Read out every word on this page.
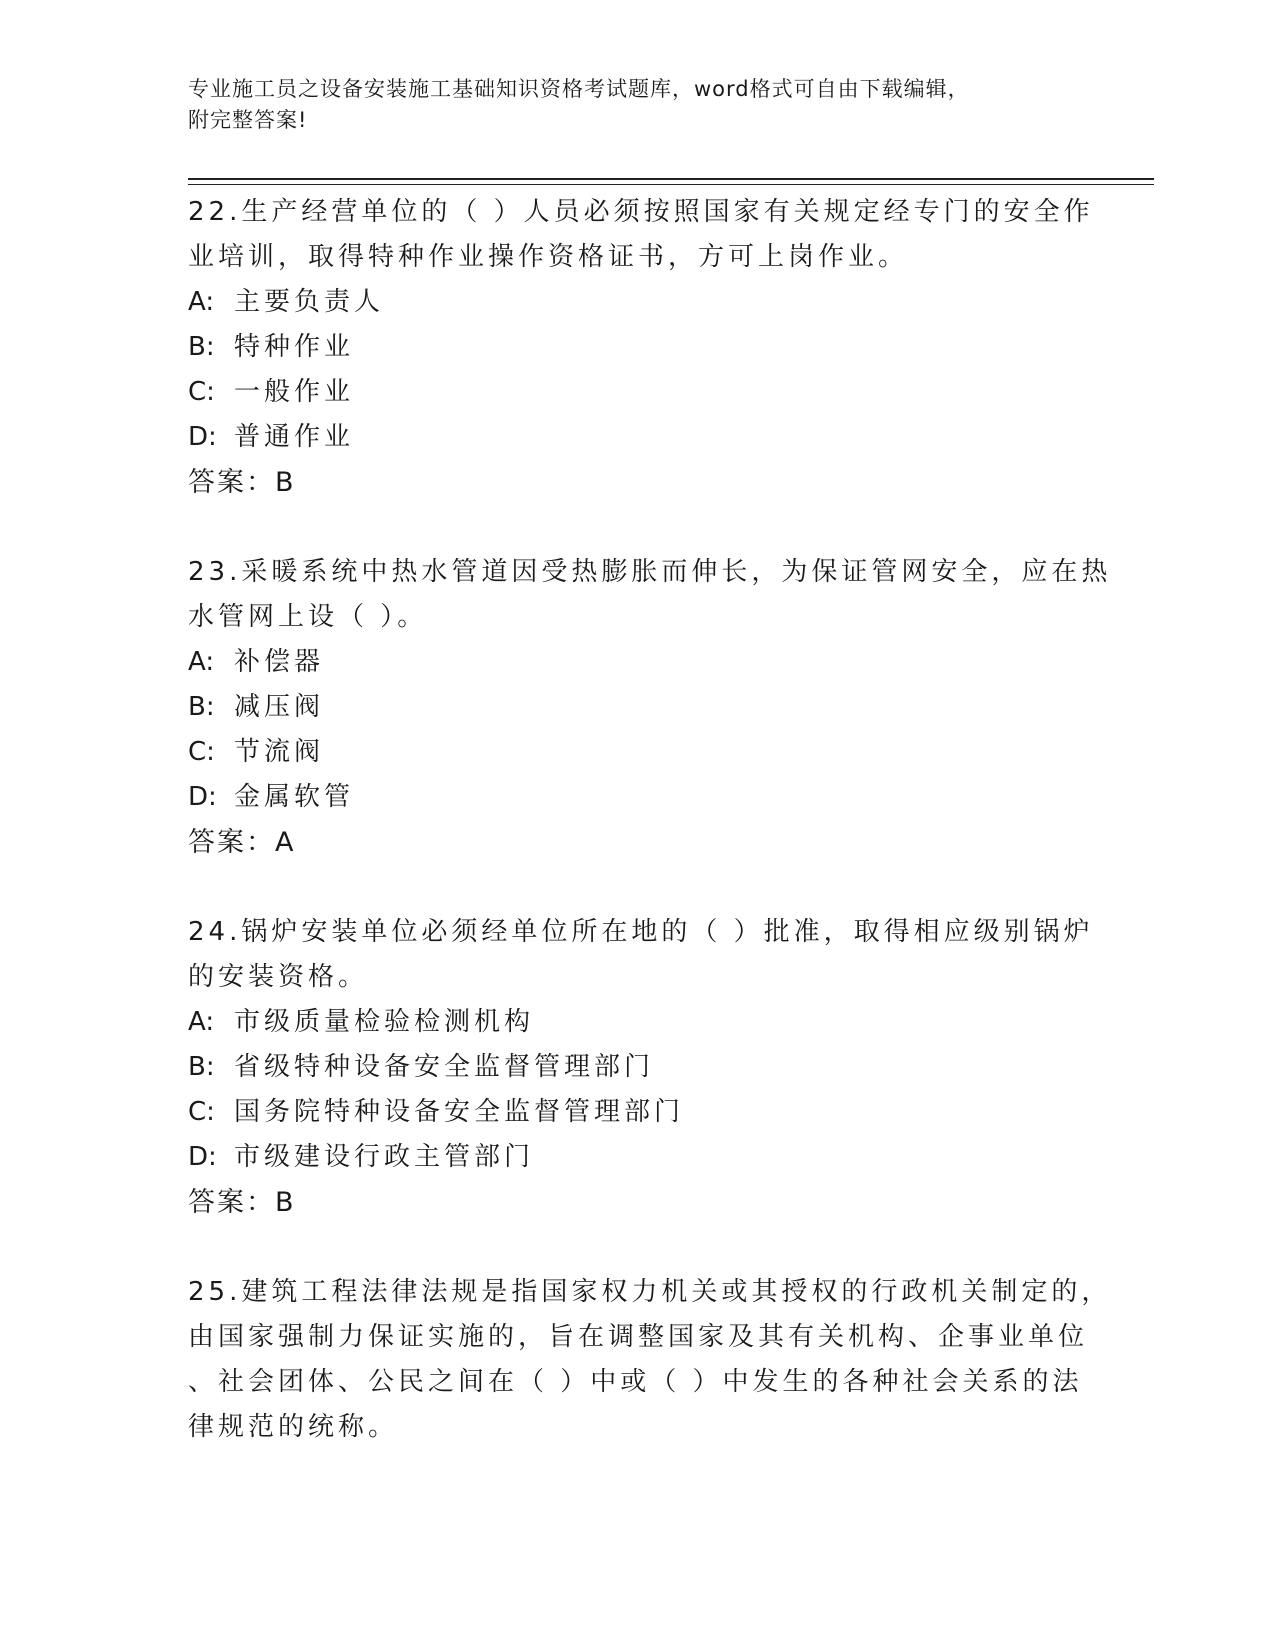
专业施工员之设备安装施工基础知识资格考试题库，word格式可自由下载编辑，
附完整答案!
22.生产经营单位的（ ）人员必须按照国家有关规定经专门的安全作
业培训，取得特种作业操作资格证书，方可上岗作业。
A: 主要负责人
B: 特种作业
C: 一般作业
D: 普通作业
答案：B
23.采暖系统中热水管道因受热膨胀而伸长，为保证管网安全，应在热
水管网上设（ ）。
A: 补偿器
B: 减压阀
C: 节流阀
D: 金属软管
答案：A
24.锅炉安装单位必须经单位所在地的（ ）批准，取得相应级别锅炉
的安装资格。
A: 市级质量检验检测机构
B: 省级特种设备安全监督管理部门
C: 国务院特种设备安全监督管理部门
D: 市级建设行政主管部门
答案：B
25.建筑工程法律法规是指国家权力机关或其授权的行政机关制定的，
由国家强制力保证实施的，旨在调整国家及其有关机构、企事业单位
、社会团体、公民之间在（ ）中或（ ）中发生的各种社会关系的法
律规范的统称。
